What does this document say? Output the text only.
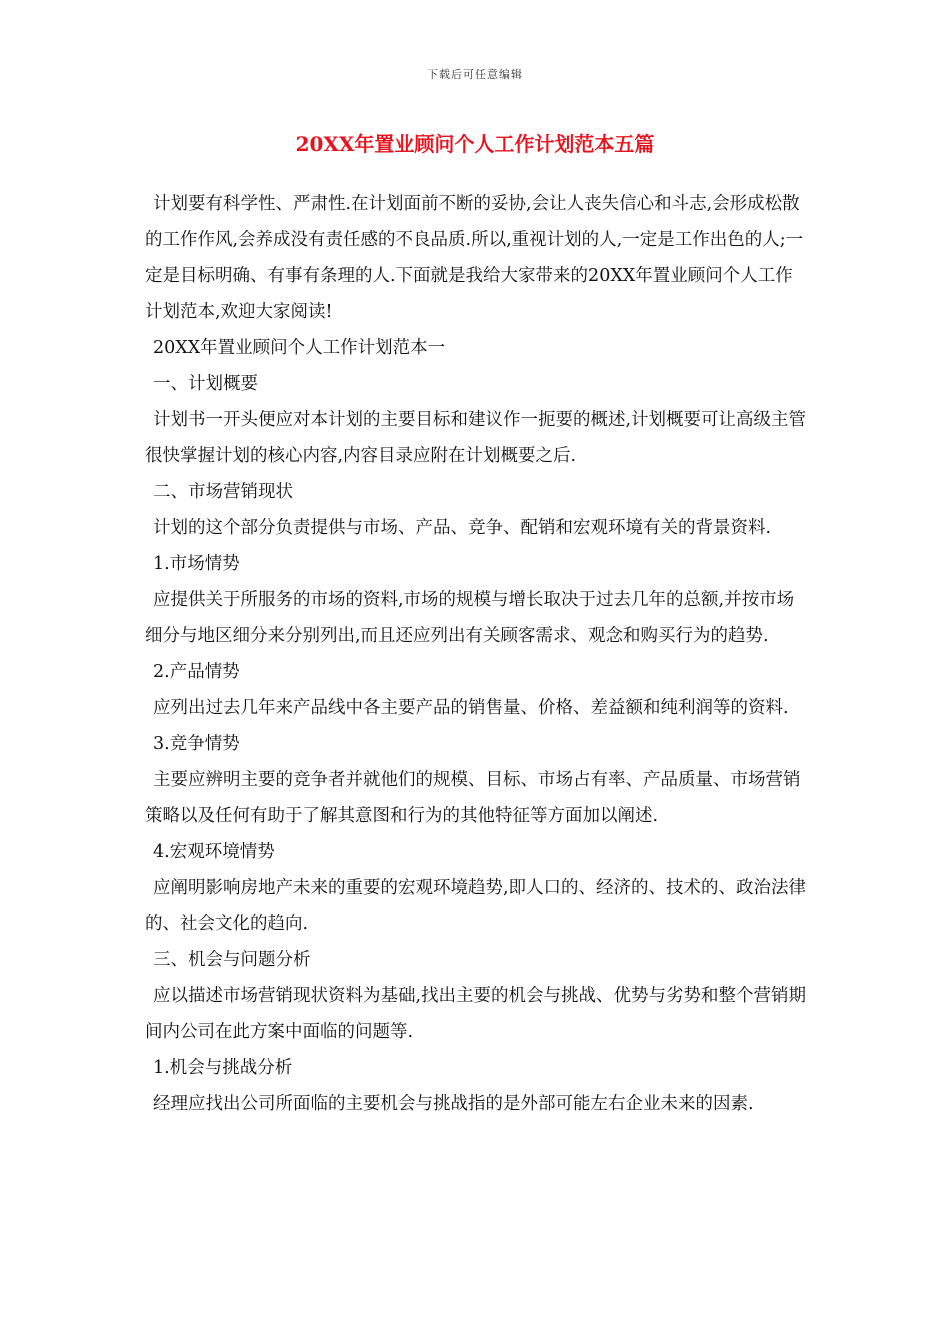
下载后可任意编辑
20XX年置业顾问个人工作计划范本五篇

计划要有科学性、严肃性.在计划面前不断的妥协,会让人丧失信心和斗志,会形成松散的工作作风,会养成没有责任感的不良品质.所以,重视计划的人,一定是工作出色的人;一定是目标明确、有事有条理的人.下面就是我给大家带来的20XX年置业顾问个人工作计划范本,欢迎大家阅读!

20XX年置业顾问个人工作计划范本一

一、计划概要

计划书一开头便应对本计划的主要目标和建议作一扼要的概述,计划概要可让高级主管很快掌握计划的核心内容,内容目录应附在计划概要之后.

二、市场营销现状

计划的这个部分负责提供与市场、产品、竞争、配销和宏观环境有关的背景资料.

1.市场情势

应提供关于所服务的市场的资料,市场的规模与增长取决于过去几年的总额,并按市场细分与地区细分来分别列出,而且还应列出有关顾客需求、观念和购买行为的趋势.

2.产品情势

应列出过去几年来产品线中各主要产品的销售量、价格、差益额和纯利润等的资料.

3.竞争情势

主要应辨明主要的竞争者并就他们的规模、目标、市场占有率、产品质量、市场营销策略以及任何有助于了解其意图和行为的其他特征等方面加以阐述.

4.宏观环境情势

应阐明影响房地产未来的重要的宏观环境趋势,即人口的、经济的、技术的、政治法律的、社会文化的趋向.

三、机会与问题分析

应以描述市场营销现状资料为基础,找出主要的机会与挑战、优势与劣势和整个营销期间内公司在此方案中面临的问题等.

1.机会与挑战分析

经理应找出公司所面临的主要机会与挑战指的是外部可能左右企业未来的因素.
